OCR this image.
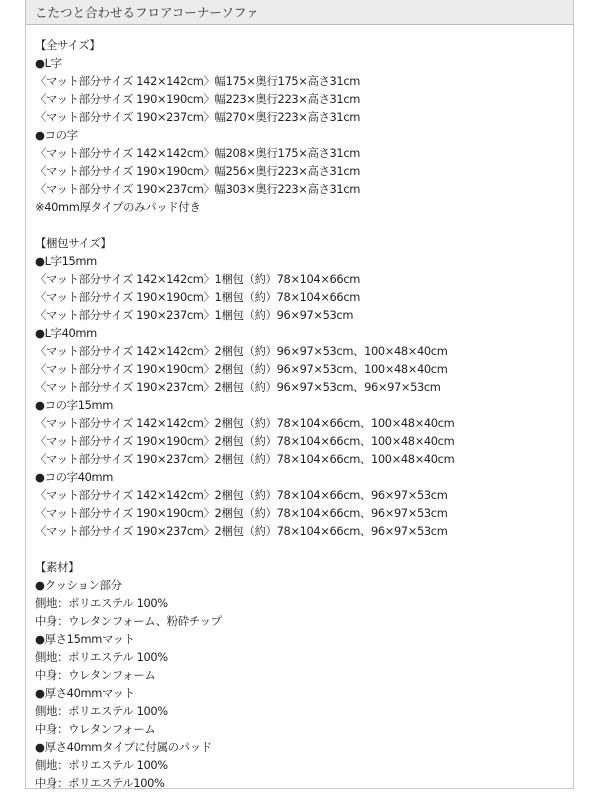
こたつと合わせるフロアコーナーソファ
【全サイズ】
●L字
〈マット部分サイズ 142×142cm〉幅175×奥行175×高さ31cm
〈マット部分サイズ 190×190cm〉幅223×奥行223×高さ31cm
〈マット部分サイズ 190×237cm〉幅270×奥行223×高さ31cm
●コの字
〈マット部分サイズ 142×142cm〉幅208×奥行175×高さ31cm
〈マット部分サイズ 190×190cm〉幅256×奥行223×高さ31cm
〈マット部分サイズ 190×237cm〉幅303×奥行223×高さ31cm
※40mm厚タイプのみパッド付き
【梱包サイズ】
●L字15mm
〈マット部分サイズ 142×142cm〉1梱包（約）78×104×66cm
〈マット部分サイズ 190×190cm〉1梱包（約）78×104×66cm
〈マット部分サイズ 190×237cm〉1梱包（約）96×97×53cm
●L字40mm
〈マット部分サイズ 142×142cm〉2梱包（約）96×97×53cm、100×48×40cm
〈マット部分サイズ 190×190cm〉2梱包（約）96×97×53cm、100×48×40cm
〈マット部分サイズ 190×237cm〉2梱包（約）96×97×53cm、96×97×53cm
●コの字15mm
〈マット部分サイズ 142×142cm〉2梱包（約）78×104×66cm、100×48×40cm
〈マット部分サイズ 190×190cm〉2梱包（約）78×104×66cm、100×48×40cm
〈マット部分サイズ 190×237cm〉2梱包（約）78×104×66cm、100×48×40cm
●コの字40mm
〈マット部分サイズ 142×142cm〉2梱包（約）78×104×66cm、96×97×53cm
〈マット部分サイズ 190×190cm〉2梱包（約）78×104×66cm、96×97×53cm
〈マット部分サイズ 190×237cm〉2梱包（約）78×104×66cm、96×97×53cm
【素材】
●クッション部分
側地：ポリエステル 100%
中身：ウレタンフォーム、粉砕チップ
●厚さ15mmマット
側地：ポリエステル 100%
中身：ウレタンフォーム
●厚さ40mmマット
側地：ポリエステル 100%
中身：ウレタンフォーム
●厚さ40mmタイプに付属のパッド
側地：ポリエステル 100%
中身：ポリエステル100%
